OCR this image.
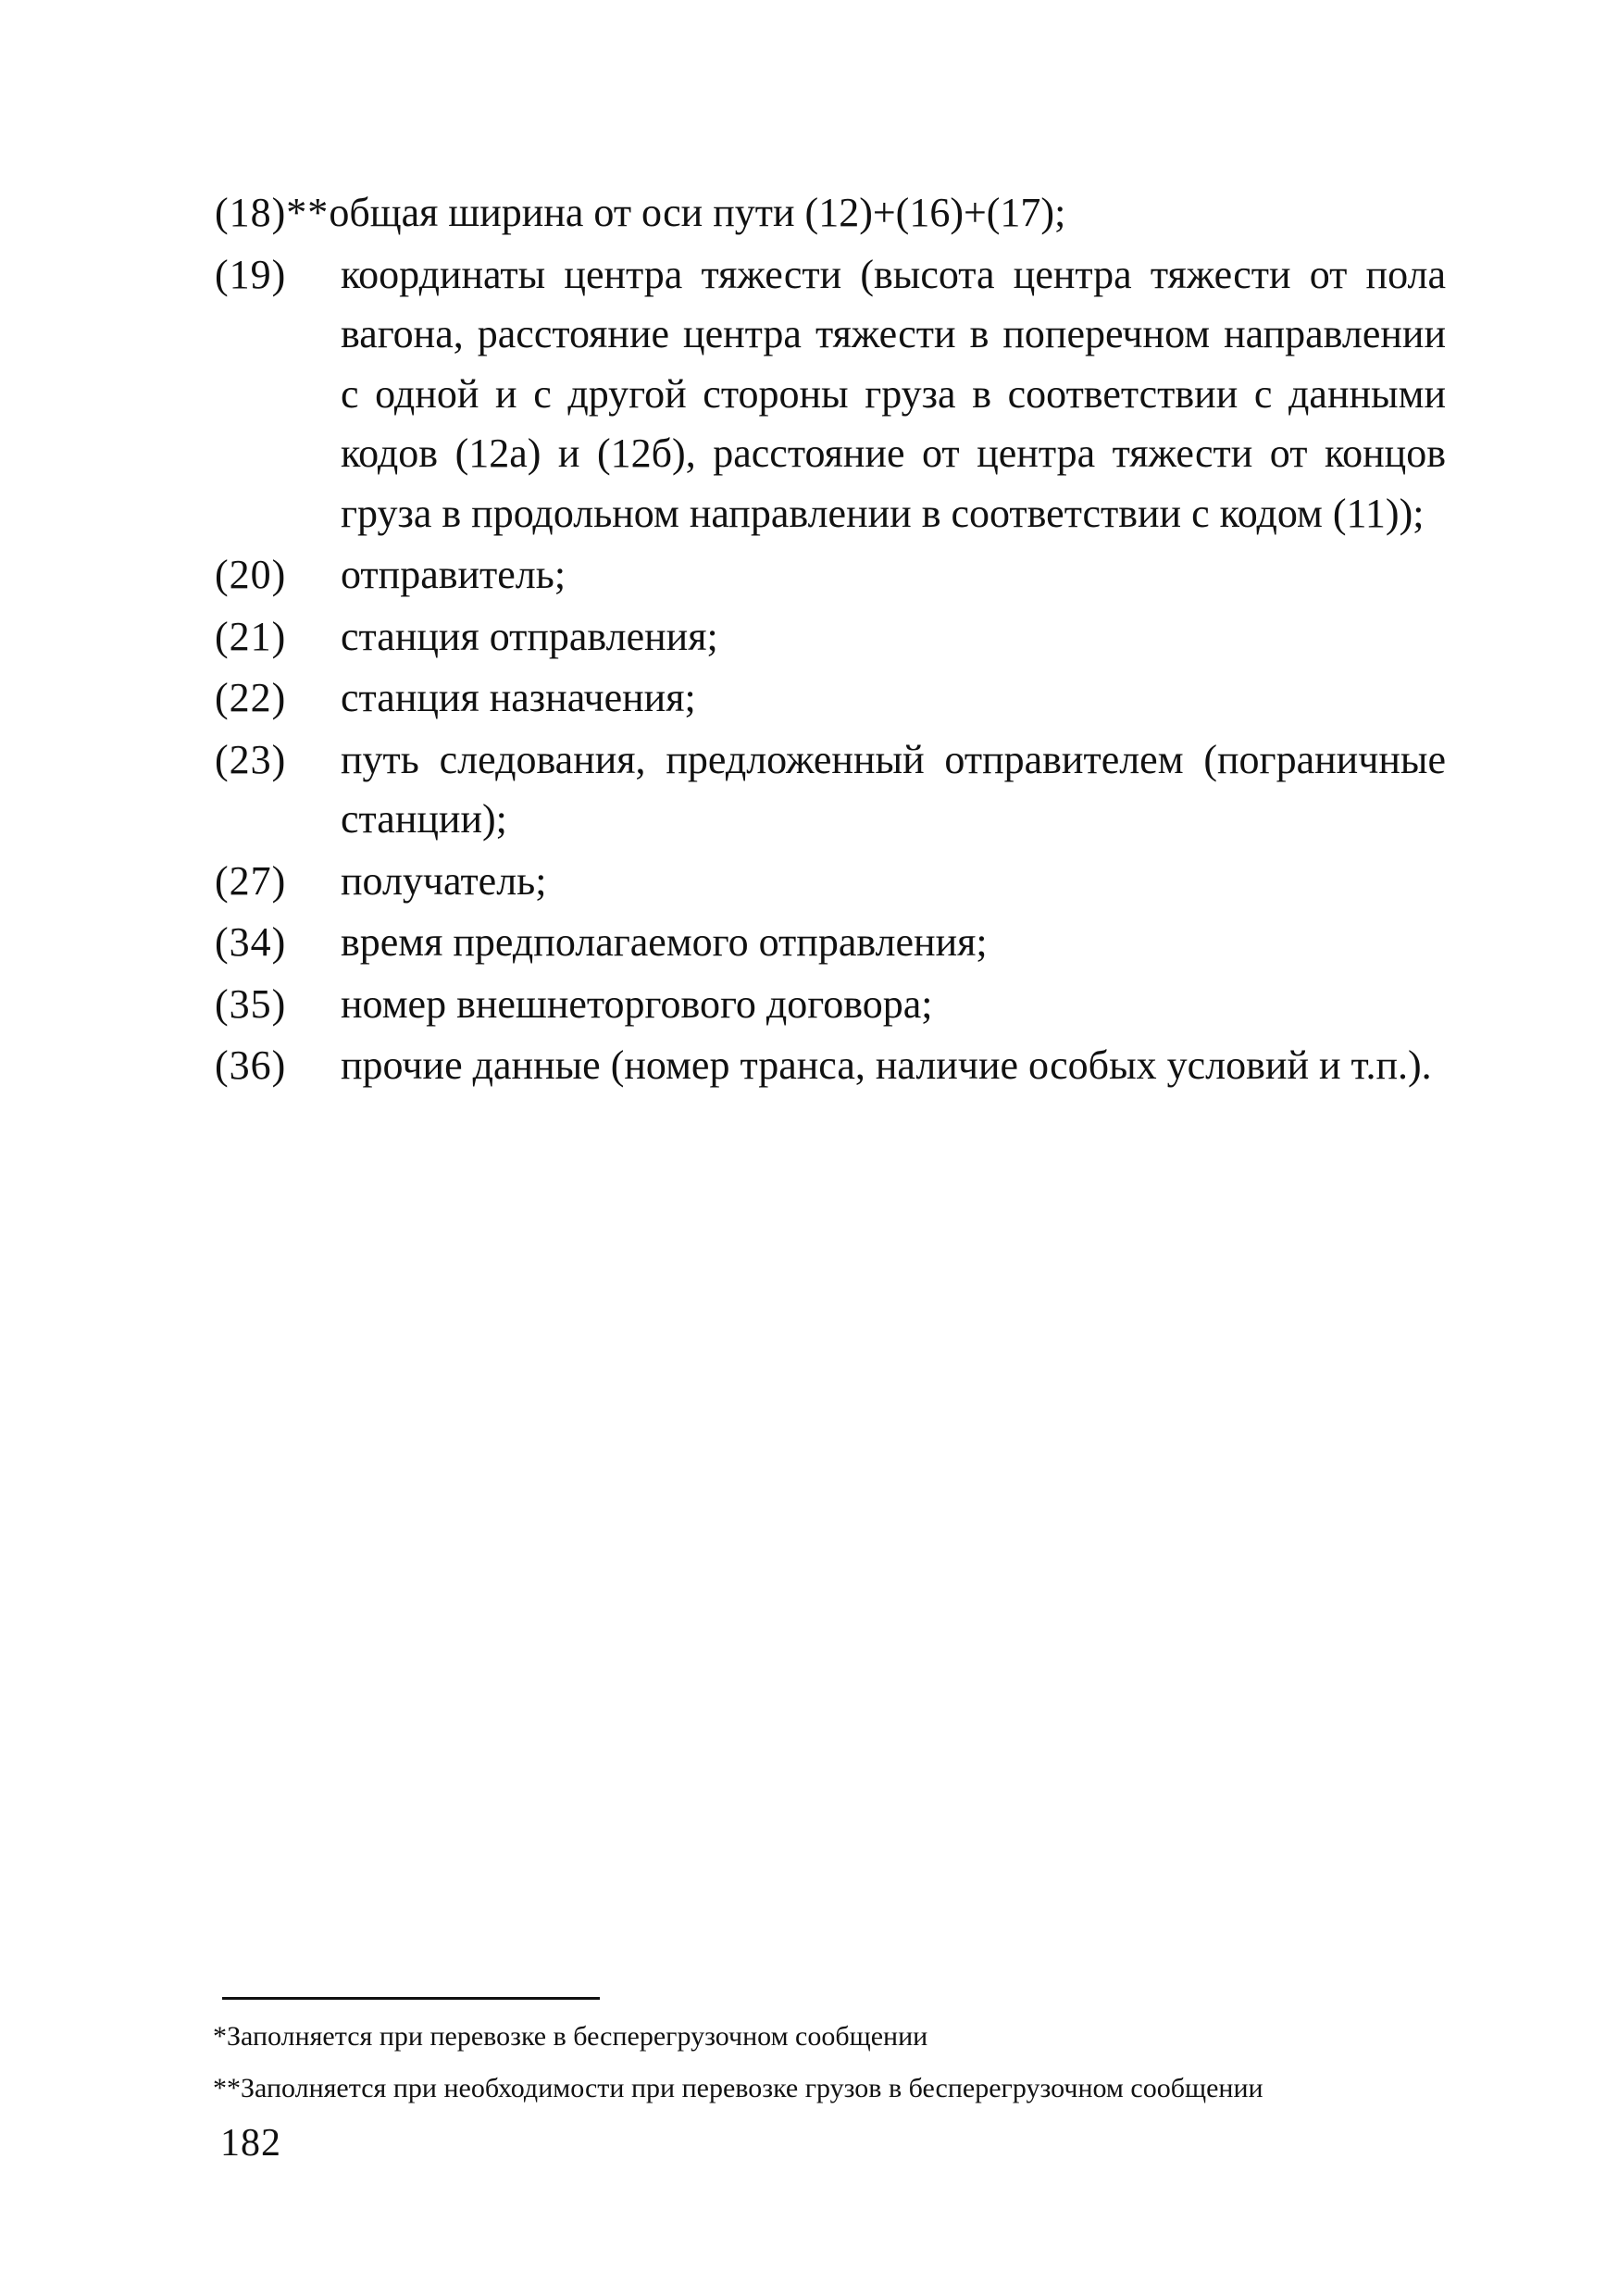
(18)** общая ширина от оси пути (12)+(16)+(17);
(19)	координаты центра тяжести (высота центра тяжести от пола вагона, расстояние центра тяжести в поперечном направлении с одной и с другой стороны груза в соответствии с данными кодов (12а) и (12б), расстояние от центра тяжести от концов груза в продольном направлении в соответствии с кодом (11));
(20)	отправитель;
(21)	станция отправления;
(22)	станция назначения;
(23)	путь следования, предложенный отправителем (пограничные станции);
(27)	получатель;
(34)	время предполагаемого отправления;
(35)	номер внешнеторгового договора;
(36)	прочие данные (номер транса, наличие особых условий и т.п.).
*Заполняется при перевозке в бесперегрузочном сообщении
**Заполняется при необходимости при перевозке грузов в бесперегрузочном сообщении
182
